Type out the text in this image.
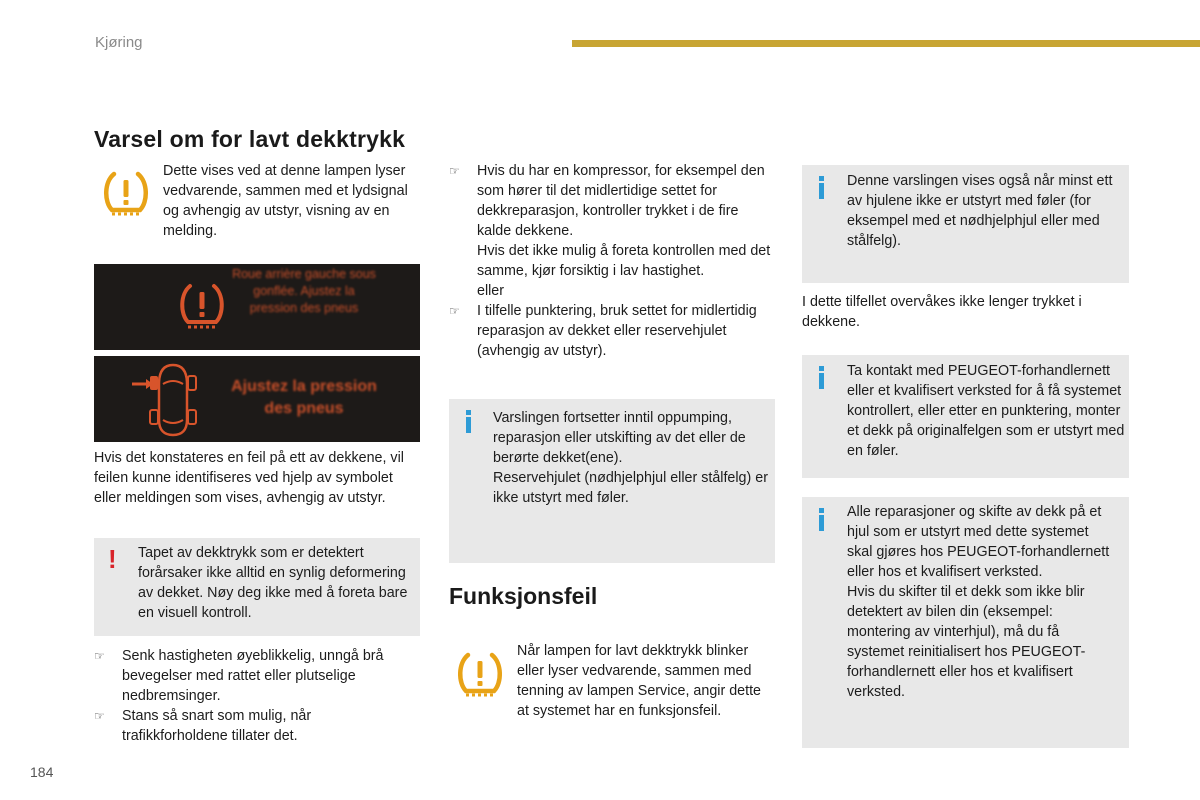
Kjøring
Varsel om for lavt dekktrykk
Dette vises ved at denne lampen lyser vedvarende, sammen med et lydsignal og avhengig av utstyr, visning av en melding.
Roue arrière gauche sous gonflée. Ajustez la pression des pneus
Ajustez la pression des pneus
Hvis det konstateres en feil på ett av dekkene, vil feilen kunne identifiseres ved hjelp av symbolet eller meldingen som vises, avhengig av utstyr.
! Tapet av dekktrykk som er detektert forårsaker ikke alltid en synlig deformering av dekket. Nøy deg ikke med å foreta bare en visuell kontroll.
☞ Senk hastigheten øyeblikkelig, unngå brå bevegelser med rattet eller plutselige nedbremsinger.
☞ Stans så snart som mulig, når trafikkforholdene tillater det.
☞ Hvis du har en kompressor, for eksempel den som hører til det midlertidige settet for dekkreparasjon, kontroller trykket i de fire kalde dekkene.
Hvis det ikke mulig å foreta kontrollen med det samme, kjør forsiktig i lav hastighet.
eller
☞ I tilfelle punktering, bruk settet for midlertidig reparasjon av dekket eller reservehjulet (avhengig av utstyr).

Varslingen fortsetter inntil oppumping, reparasjon eller utskifting av det eller de berørte dekket(ene).

Reservehjulet (nødhjelphjul eller stålfelg) er ikke utstyrt med føler.

Funksjonsfeil
Når lampen for lavt dekktrykk blinker eller lyser vedvarende, sammen med tenning av lampen Service, angir dette at systemet har en funksjonsfeil.
Denne varslingen vises også når minst ett av hjulene ikke er utstyrt med føler (for eksempel med et nødhjelphjul eller med stålfelg).
I dette tilfellet overvåkes ikke lenger trykket i dekkene.
Ta kontakt med PEUGEOT-forhandlernett eller et kvalifisert verksted for å få systemet kontrollert, eller etter en punktering, monter et dekk på originalfelgen som er utstyrt med en føler.

Alle reparasjoner og skifte av dekk på et hjul som er utstyrt med dette systemet skal gjøres hos PEUGEOT-forhandlernett eller hos et kvalifisert verksted.

Hvis du skifter til et dekk som ikke blir detektert av bilen din (eksempel: montering av vinterhjul), må du få systemet reinitialisert hos PEUGEOT-forhandlernett eller hos et kvalifisert verksted.

184
